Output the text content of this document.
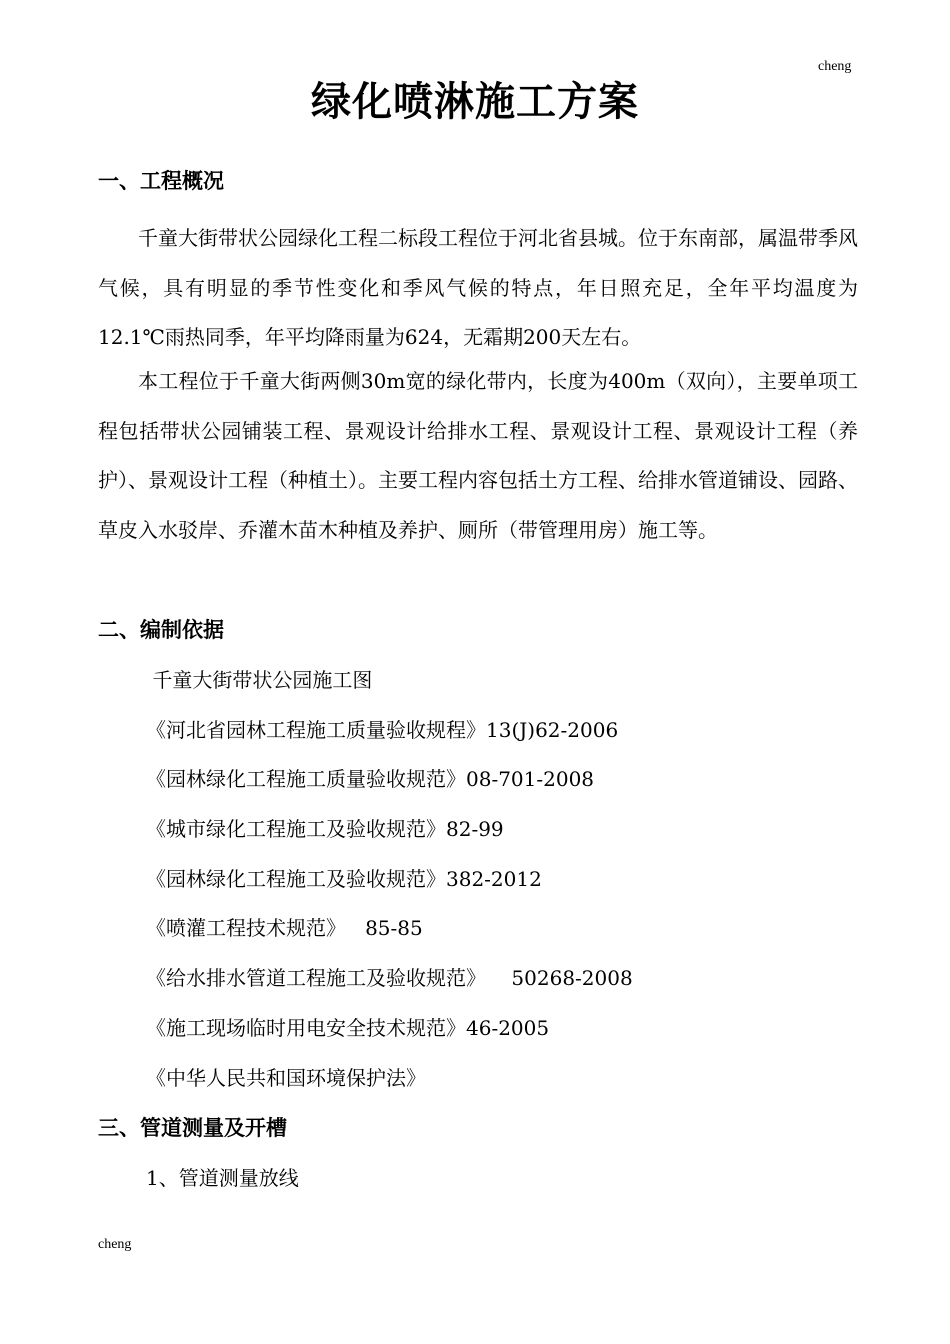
cheng

绿化喷淋施工方案
一、工程概况

千童大街带状公园绿化工程二标段工程位于河北省县城。位于东南部，属温带季风气候，具有明显的季节性变化和季风气候的特点，年日照充足，全年平均温度为12.1℃雨热同季，年平均降雨量为624，无霜期200天左右。

本工程位于千童大街两侧30m宽的绿化带内，长度为400m（双向），主要单项工程包括带状公园铺装工程、景观设计给排水工程、景观设计工程、景观设计工程（养护）、景观设计工程（种植土）。主要工程内容包括土方工程、给排水管道铺设、园路、草皮入水驳岸、乔灌木苗木种植及养护、厕所（带管理用房）施工等。

二、编制依据

千童大街带状公园施工图

《河北省园林工程施工质量验收规程》13(J)62-2006

《园林绿化工程施工质量验收规范》08-701-2008

《城市绿化工程施工及验收规范》82-99

《园林绿化工程施工及验收规范》382-2012

《喷灌工程技术规范》   85-85

《给水排水管道工程施工及验收规范》    50268-2008

《施工现场临时用电安全技术规范》46-2005

《中华人民共和国环境保护法》

三、管道测量及开槽

1、管道测量放线

cheng
